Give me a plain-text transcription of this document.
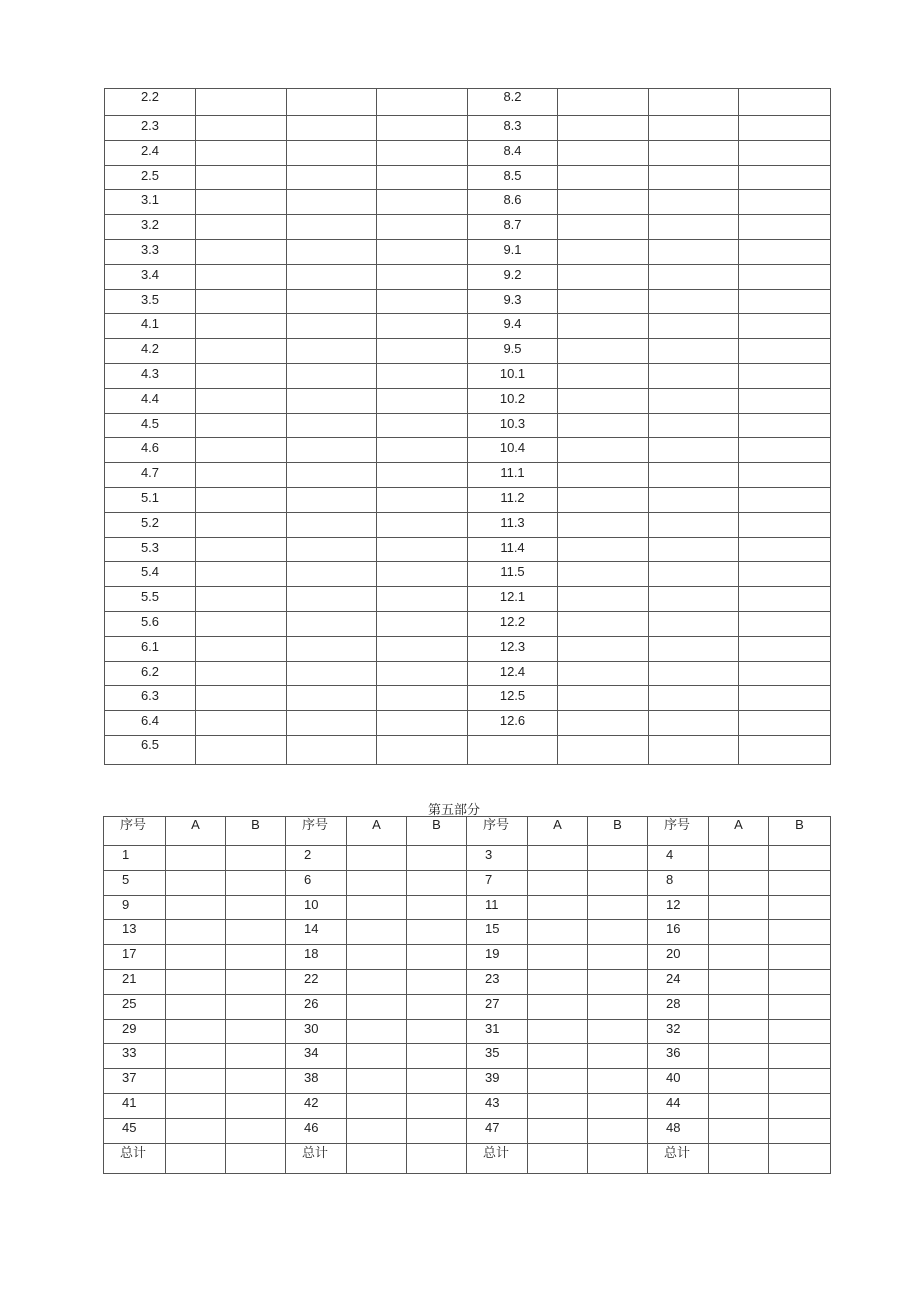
2.2				8.2			
2.3				8.3			
2.4				8.4			
2.5				8.5			
3.1				8.6			
3.2				8.7			
3.3				9.1			
3.4				9.2			
3.5				9.3			
4.1				9.4			
4.2				9.5			
4.3				10.1			
4.4				10.2			
4.5				10.3			
4.6				10.4			
4.7				11.1			
5.1				11.2			
5.2				11.3			
5.3				11.4			
5.4				11.5			
5.5				12.1			
5.6				12.2			
6.1				12.3			
6.2				12.4			
6.3				12.5			
6.4				12.6			
6.5							
第五部分
序号	A	B	序号	A	B	序号	A	B	序号	A	B
1			2			3			4		
5			6			7			8		
9			10			11			12		
13			14			15			16		
17			18			19			20		
21			22			23			24		
25			26			27			28		
29			30			31			32		
33			34			35			36		
37			38			39			40		
41			42			43			44		
45			46			47			48		
总计			总计			总计			总计		
